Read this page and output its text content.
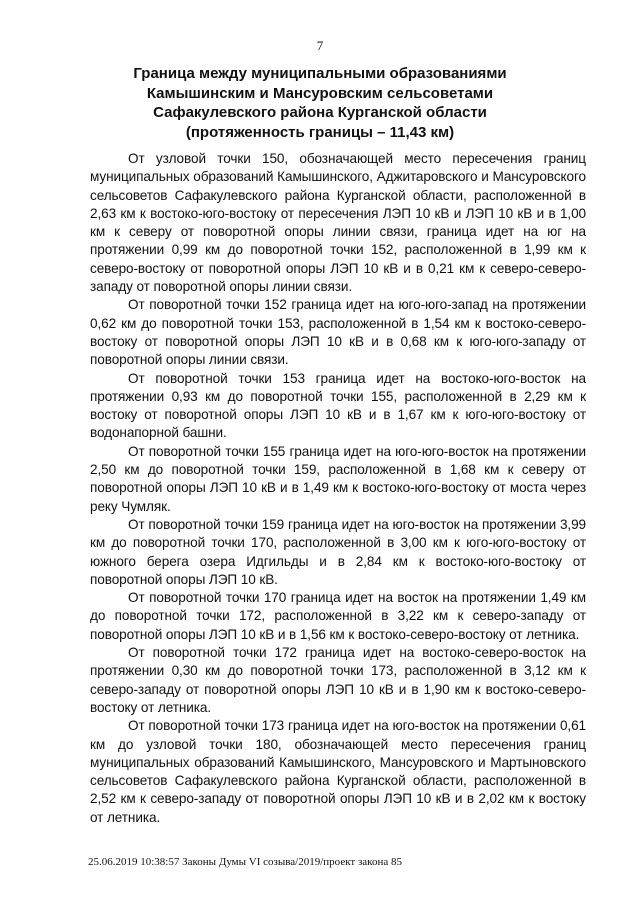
7
Граница между муниципальными образованиями
Камышинским и Мансуровским сельсоветами
Сафакулевского района Курганской области
(протяженность границы – 11,43 км)

От узловой точки 150, обозначающей место пересечения границ муниципальных образований Камышинского, Аджитаровского и Мансуровского сельсоветов Сафакулевского района Курганской области, расположенной в 2,63 км к востоко-юго-востоку от пересечения ЛЭП 10 кВ и ЛЭП 10 кВ и в 1,00 км к северу от поворотной опоры линии связи, граница идет на юг на протяжении 0,99 км до поворотной точки 152, расположенной в 1,99 км к северо-востоку от поворотной опоры ЛЭП 10 кВ и в 0,21 км к северо-северо-западу от поворотной опоры линии связи.

От поворотной точки 152 граница идет на юго-юго-запад на протяжении 0,62 км до поворотной точки 153, расположенной в 1,54 км к востоко-северо-востоку от поворотной опоры ЛЭП 10 кВ и в 0,68 км к юго-юго-западу от поворотной опоры линии связи.

От поворотной точки 153 граница идет на востоко-юго-восток на протяжении 0,93 км до поворотной точки 155, расположенной в 2,29 км к востоку от поворотной опоры ЛЭП 10 кВ и в 1,67 км к юго-юго-востоку от водонапорной башни.

От поворотной точки 155 граница идет на юго-юго-восток на протяжении 2,50 км до поворотной точки 159, расположенной в 1,68 км к северу от поворотной опоры ЛЭП 10 кВ и в 1,49 км к востоко-юго-востоку от моста через реку Чумляк.

От поворотной точки 159 граница идет на юго-восток на протяжении 3,99 км до поворотной точки 170, расположенной в 3,00 км к юго-юго-востоку от южного берега озера Идгильды и в 2,84 км к востоко-юго-востоку от поворотной опоры ЛЭП 10 кВ.

От поворотной точки 170 граница идет на восток на протяжении 1,49 км до поворотной точки 172, расположенной в 3,22 км к северо-западу от поворотной опоры ЛЭП 10 кВ и в 1,56 км к востоко-северо-востоку от летника.

От поворотной точки 172 граница идет на востоко-северо-восток на протяжении 0,30 км до поворотной точки 173, расположенной в 3,12 км к северо-западу от поворотной опоры ЛЭП 10 кВ и в 1,90 км к востоко-северо-востоку от летника.

От поворотной точки 173 граница идет на юго-восток на протяжении 0,61 км до узловой точки 180, обозначающей место пересечения границ муниципальных образований Камышинского, Мансуровского и Мартыновского сельсоветов Сафакулевского района Курганской области, расположенной в 2,52 км к северо-западу от поворотной опоры ЛЭП 10 кВ и в 2,02 км к востоку от летника.

25.06.2019 10:38:57 Законы Думы VI созыва/2019/проект закона 85
